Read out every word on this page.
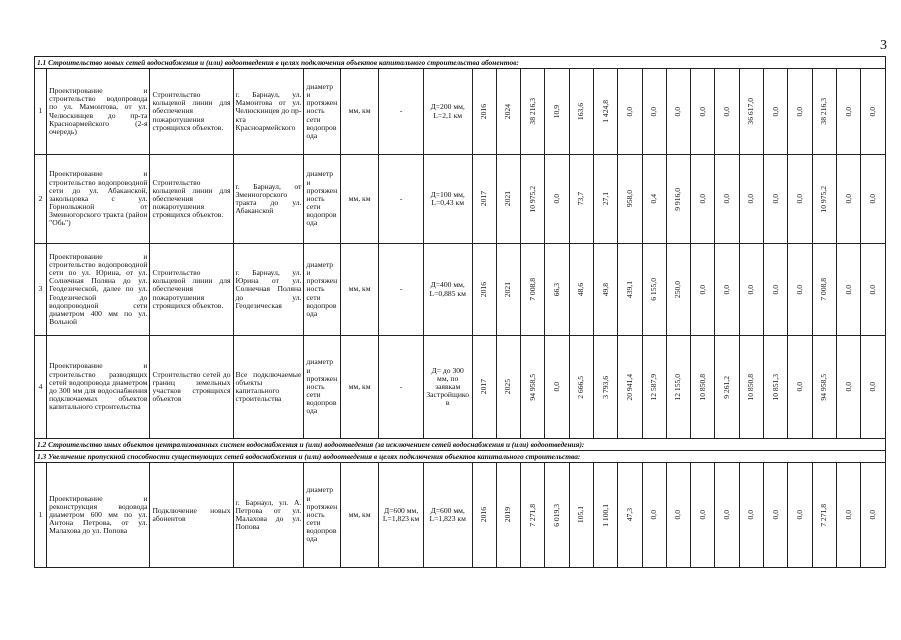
3
1.1 Строительство новых сетей водоснабжения и (или) водоотведения в целях подключения объектов капитального строительства абонентов:																								
1	Проектирование и строительство водопровода по ул. Мамонтова, от ул. Челюскинцев до пр-та Красноармейского (2-я очередь)	Строительство кольцевой линии для обеспечения пожаротушения строящихся объектов.	г. Барнаул, ул. Мамонтова от ул. Челюскинцев до пр-кта Красноармейского	диаметр и протяженность сети водопровода	мм, км	-	Д=200 мм, L=2,1 км	2016	2024	38 216,3	10,9	163,6	1 424,8	0,0	0,0	0,0	0,0	0,0	36 617,0	0,0	0,0	38 216,3	0,0	0,0

2	Проектирование и строительство водопроводной сети до ул. Абаканской, закольцовка с ул. Горнолыжной от Змеиногорского тракта (район "Обь")	Строительство кольцевой линии для обеспечения пожаротушения строящихся объектов.	г. Барнаул, от Змеиногорского тракта до ул. Абаканской	диаметр и протяженность сети водопровода	мм, км	-	Д=100 мм, L=0,43 км	2017	2021	10 975,2	0,0	73,7	27,1	958,0	0,4	9 916,0	0,0	0,0	0,0	0,0	0,0	10 975,2	0,0	0,0

3	Проектирование и строительство водопроводной сети по ул. Юрина, от ул. Солнечная Поляна до ул. Геодезической, далее по ул. Геодезической до водопроводной сети диаметром 400 мм по ул. Вольной	Строительство кольцевой линии для обеспечения пожаротушения строящихся объектов.	г. Барнаул, ул. Юрина от ул. Солнечная Поляна до ул. Геодезическая	диаметр и протяженность сети водопровода	мм, км	-	Д=400 мм, L=0,885 км	2016	2021	7 008,8	66,3	48,6	49,8	439,1	6 155,0	250,0	0,0	0,0	0,0	0,0	0,0	7 008,8	0,0	0,0

4	Проектирование и строительство разводящих сетей водопровода диаметром до 300 мм для водоснабжения подключаемых объектов капитального строительства	Строительство сетей до границ земельных участков строящихся объектов	Все подключаемые объекты капитального строительства	диаметр и протяженность сети водопровода	мм, км	-	Д= до 300 мм, по заявкам Застройщиков	2017	2025	94 958,5	0,0	2 666,5	3 793,6	20 941,4	12 587,9	12 155,0	10 850,8	9 261,2	10 850,8	10 851,3	0,0	94 958,5	0,0	0,0

1.2 Строительство иных объектов централизованных систем водоснабжения и (или) водоотведения (за исключением сетей водоснабжения и (или) водоотведения):																								
1.3 Увеличение пропускной способности существующих сетей водоснабжения и (или) водоотведения в целях подключения объектов капитального строительства:																								
1	Проектирование и реконструкция водовода диаметром 600 мм по ул. Антона Петрова, от ул. Малахова до ул. Попова	Подключение новых абонентов	г. Барнаул, ул. А. Петрова от ул. Малахова до ул. Попова	диаметр и протяженность сети водопровода	мм, км	Д=600 мм, L=1,823 км	Д=600 мм, L=1,823 км	2016	2019	7 271,8	6 019,3	105,1	1 100,1	47,3	0,0	0,0	0,0	0,0	0,0	0,0	0,0	7 271,8	0,0	0,0
